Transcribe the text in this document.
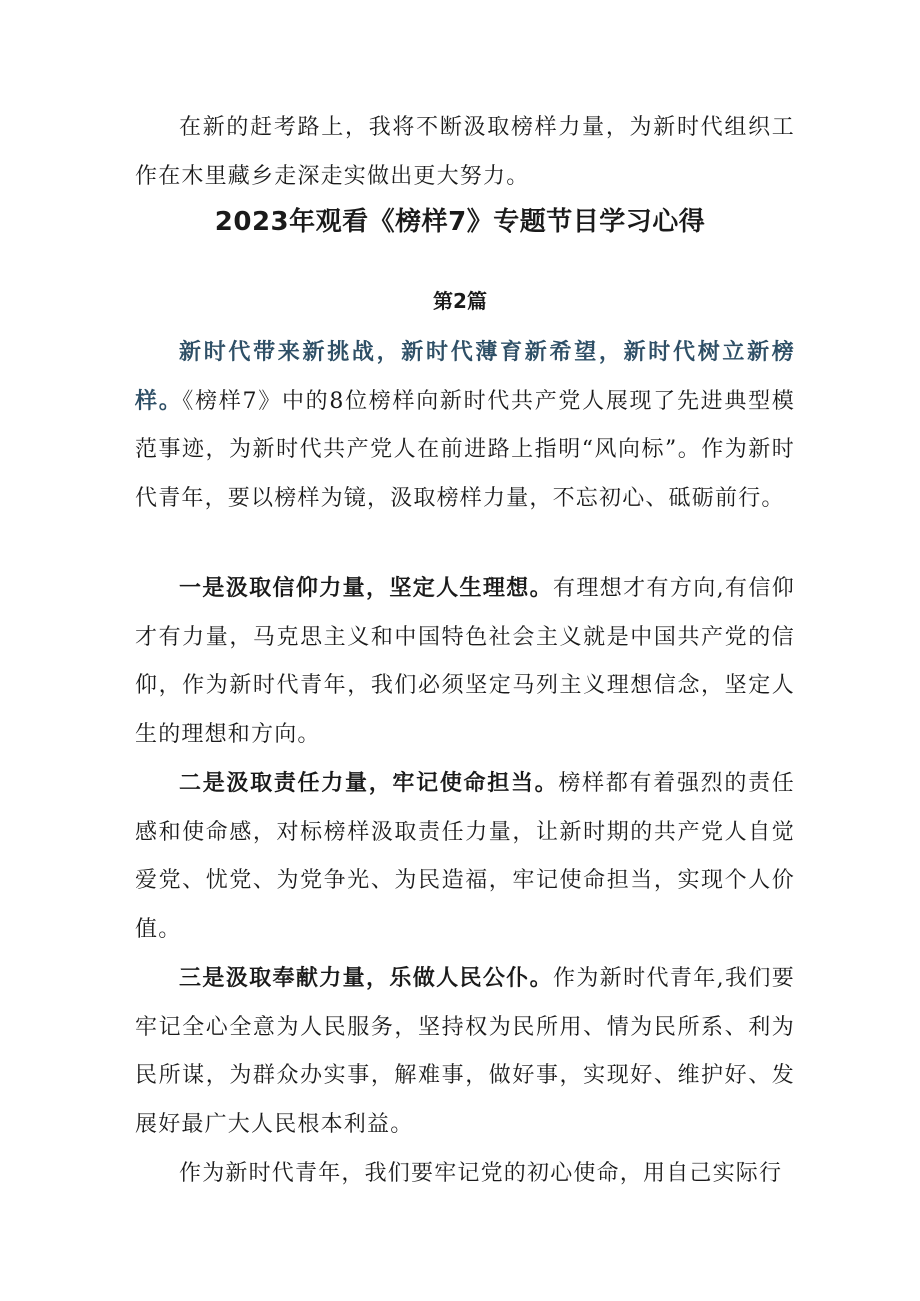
在新的赶考路上，我将不断汲取榜样力量，为新时代组织工作在木里藏乡走深走实做出更大努力。

2023年观看《榜样7》专题节目学习心得
第2篇

新时代带来新挑战，新时代薄育新希望，新时代树立新榜样。《榜样7》中的8位榜样向新时代共产党人展现了先进典型模范事迹，为新时代共产党人在前进路上指明“风向标”。作为新时代青年，要以榜样为镜，汲取榜样力量，不忘初心、砥砺前行。

一是汲取信仰力量，坚定人生理想。有理想才有方向,有信仰才有力量，马克思主义和中国特色社会主义就是中国共产党的信仰，作为新时代青年，我们必须坚定马列主义理想信念，坚定人生的理想和方向。

二是汲取责任力量，牢记使命担当。榜样都有着强烈的责任感和使命感，对标榜样汲取责任力量，让新时期的共产党人自觉爱党、忧党、为党争光、为民造福，牢记使命担当，实现个人价值。

三是汲取奉献力量，乐做人民公仆。作为新时代青年,我们要牢记全心全意为人民服务，坚持权为民所用、情为民所系、利为民所谋，为群众办实事，解难事，做好事，实现好、维护好、发展好最广大人民根本利益。

作为新时代青年，我们要牢记党的初心使命，用自己实际行
